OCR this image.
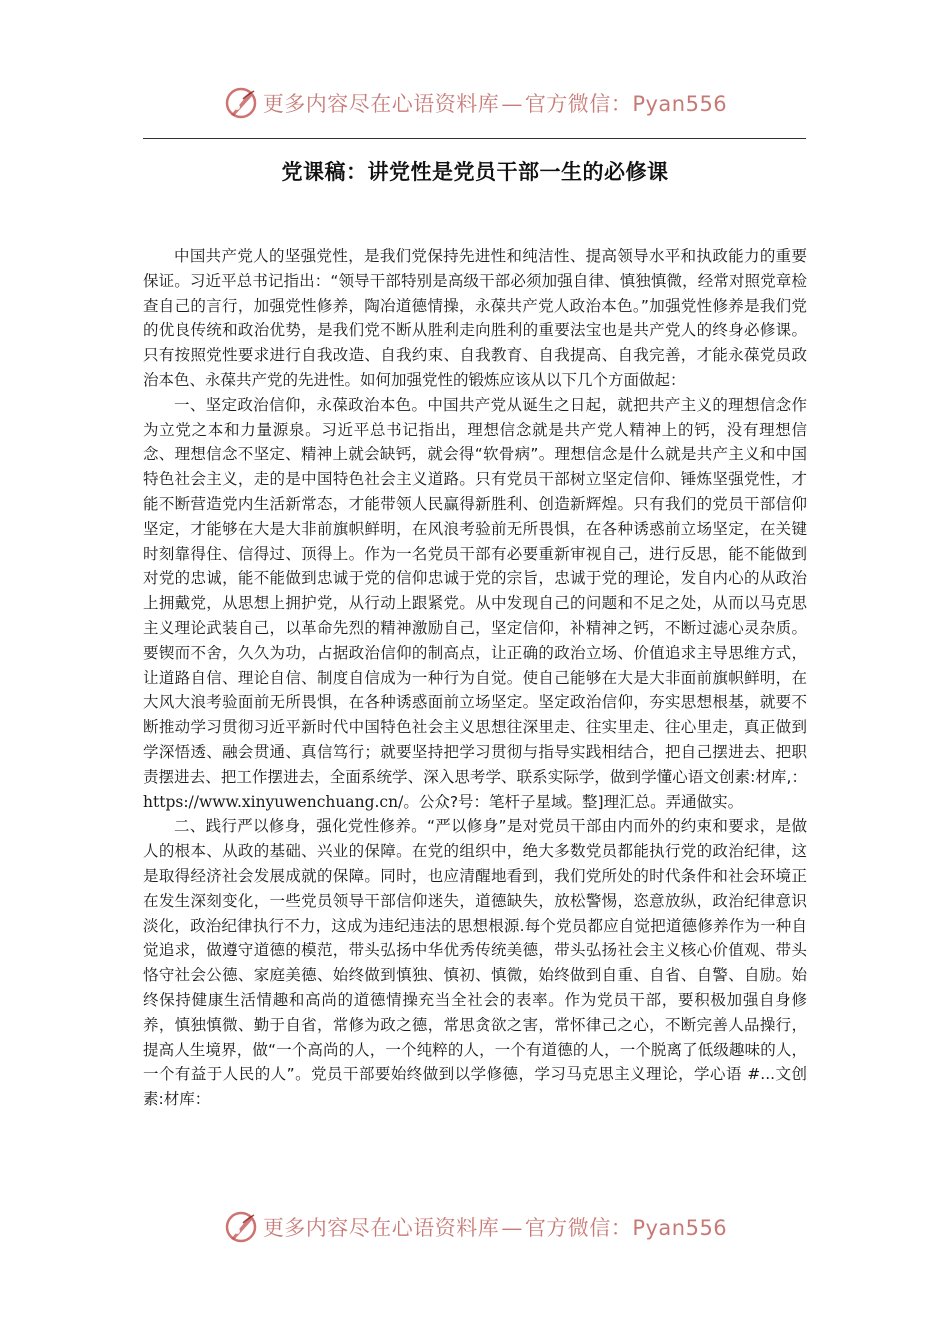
更多内容尽在心语资料库—官方微信：Pyan556
党课稿：讲党性是党员干部一生的必修课

中国共产党人的坚强党性，是我们党保持先进性和纯洁性、提高领导水平和执政能力的重要保证。习近平总书记指出：“领导干部特别是高级干部必须加强自律、慎独慎微，经常对照党章检查自己的言行，加强党性修养，陶冶道德情操，永葆共产党人政治本色。”加强党性修养是我们党的优良传统和政治优势，是我们党不断从胜利走向胜利的重要法宝也是共产党人的终身必修课。只有按照党性要求进行自我改造、自我约束、自我教育、自我提高、自我完善，才能永葆党员政治本色、永葆共产党的先进性。如何加强党性的锻炼应该从以下几个方面做起：

一、坚定政治信仰，永葆政治本色。中国共产党从诞生之日起，就把共产主义的理想信念作为立党之本和力量源泉。习近平总书记指出，理想信念就是共产党人精神上的钙，没有理想信念、理想信念不坚定、精神上就会缺钙，就会得“软骨病”。理想信念是什么就是共产主义和中国特色社会主义，走的是中国特色社会主义道路。只有党员干部树立坚定信仰、锤炼坚强党性，才能不断营造党内生活新常态，才能带领人民赢得新胜利、创造新辉煌。只有我们的党员干部信仰坚定，才能够在大是大非前旗帜鲜明，在风浪考验前无所畏惧，在各种诱惑前立场坚定，在关键时刻靠得住、信得过、顶得上。作为一名党员干部有必要重新审视自己，进行反思，能不能做到对党的忠诚，能不能做到忠诚于党的信仰忠诚于党的宗旨，忠诚于党的理论，发自内心的从政治上拥戴党，从思想上拥护党，从行动上跟紧党。从中发现自己的问题和不足之处，从而以马克思主义理论武装自己，以革命先烈的精神激励自己，坚定信仰，补精神之钙，不断过滤心灵杂质。要锲而不舍，久久为功，占据政治信仰的制高点，让正确的政治立场、价值追求主导思维方式， 让道路自信、理论自信、制度自信成为一种行为自觉。使自己能够在大是大非面前旗帜鲜明，在大风大浪考验面前无所畏惧，在各种诱惑面前立场坚定。坚定政治信仰，夯实思想根基，就要不断推动学习贯彻习近平新时代中国特色社会主义思想往深里走、往实里走、往心里走，真正做到学深悟透、融会贯通、真信笃行；就要坚持把学习贯彻与指导实践相结合，把自己摆进去、把职责摆进去、把工作摆进去，全面系统学、深入思考学、联系实际学，做到学懂心语文创素:材库,：https://www.xinyuwenchuang.cn/。公众?号：笔杆子星域。整]理汇总。弄通做实。

二、践行严以修身，强化党性修养。“严以修身”是对党员干部由内而外的约束和要求，是做人的根本、从政的基础、兴业的保障。在党的组织中，绝大多数党员都能执行党的政治纪律，这是取得经济社会发展成就的保障。同时，也应清醒地看到，我们党所处的时代条件和社会环境正在发生深刻变化，一些党员领导干部信仰迷失，道德缺失，放松警惕，恣意放纵，政治纪律意识淡化，政治纪律执行不力，这成为违纪违法的思想根源.每个党员都应自觉把道德修养作为一种自觉追求，做遵守道德的模范，带头弘扬中华优秀传统美德，带头弘扬社会主义核心价值观、带头恪守社会公德、家庭美德、始终做到慎独、慎初、慎微，始终做到自重、自省、自警、自励。始终保持健康生活情趣和高尚的道德情操充当全社会的表率。作为党员干部，要积极加强自身修养，慎独慎微、勤于自省，常修为政之德，常思贪欲之害，常怀律己之心，不断完善人品操行，提高人生境界，做“一个高尚的人，一个纯粹的人，一个有道德的人，一个脱离了低级趣味的人，一个有益于人民的人”。党员干部要始终做到以学修德，学习马克思主义理论，学心语 #...文创素:材库：

更多内容尽在心语资料库—官方微信：Pyan556
